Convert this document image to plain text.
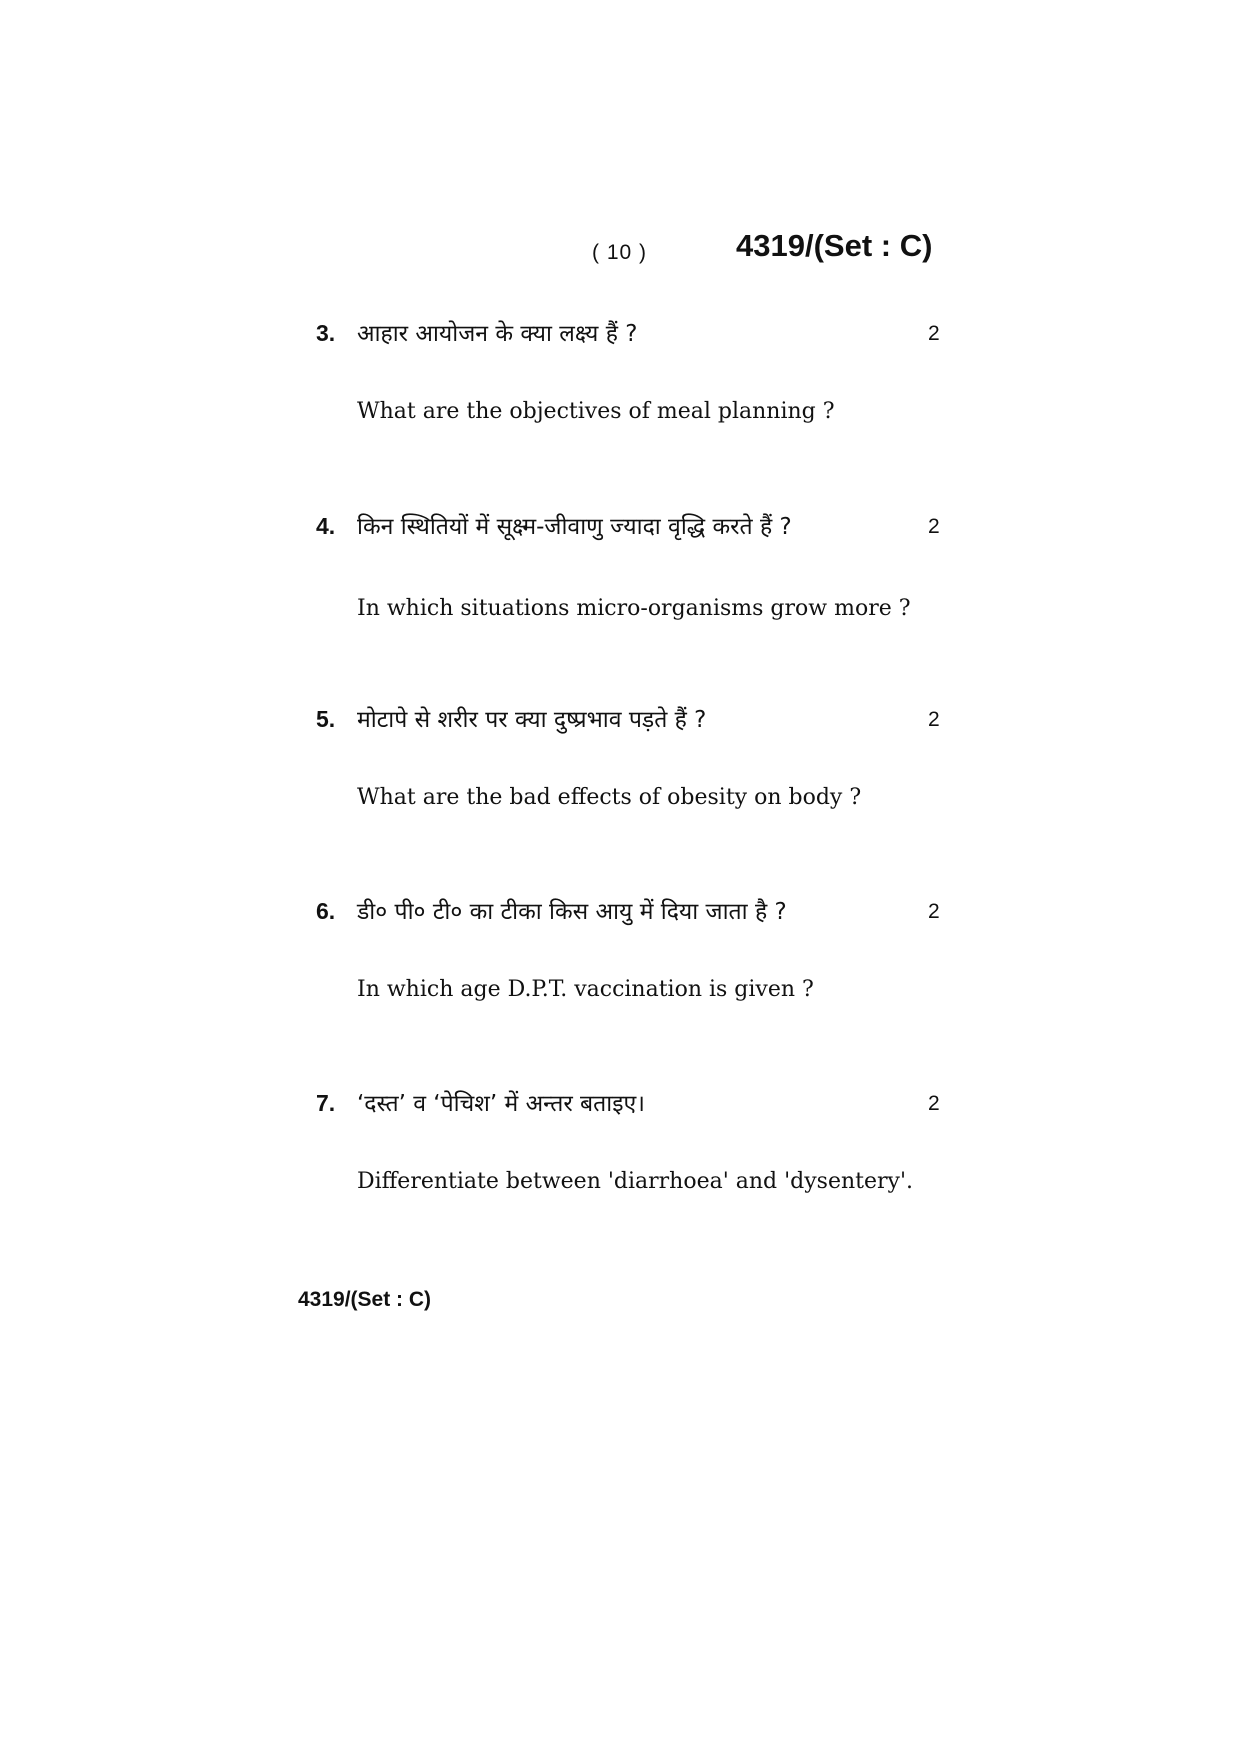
( 10 )	4319/(Set : C)
3. आहार आयोजन के क्या लक्ष्य हैं ?	2
What are the objectives of meal planning ?
4. किन स्थितियों में सूक्ष्म-जीवाणु ज्यादा वृद्धि करते हैं ?	2
In which situations micro-organisms grow more ?
5. मोटापे से शरीर पर क्या दुष्प्रभाव पड़ते हैं ?	2
What are the bad effects of obesity on body ?
6. डी० पी० टी० का टीका किस आयु में दिया जाता है ?	2
In which age D.P.T. vaccination is given ?
7. ‘दस्त’ व ‘पेचिश’ में अन्तर बताइए।	2
Differentiate between 'diarrhoea' and 'dysentery'.
4319/(Set : C)
